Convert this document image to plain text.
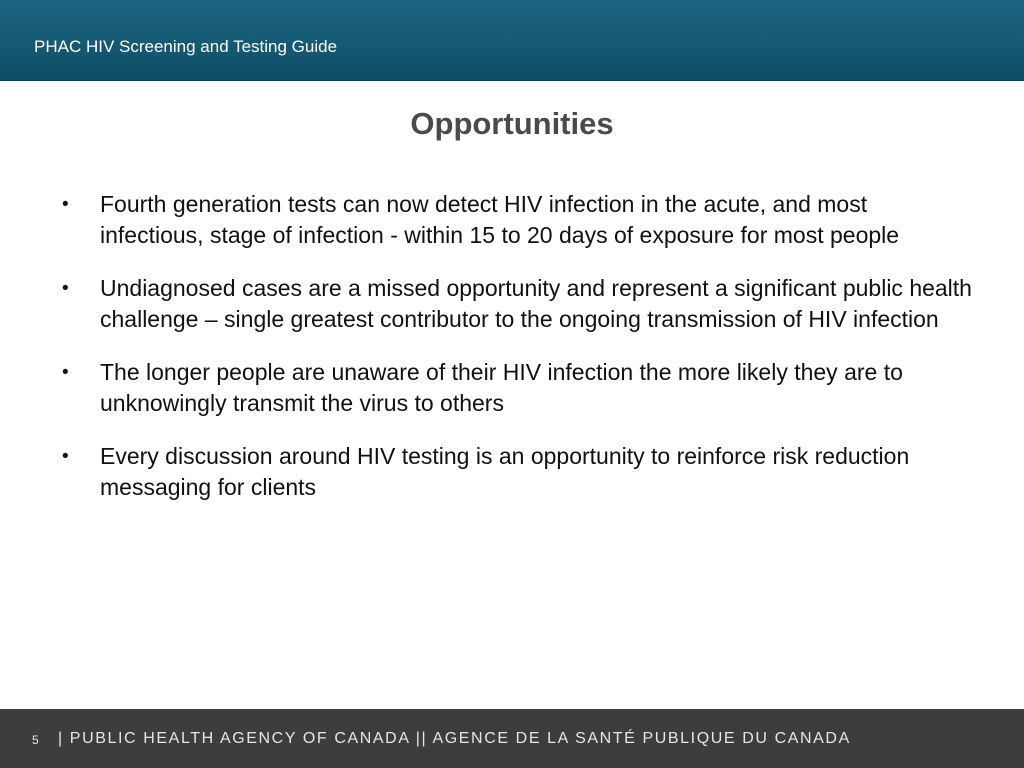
PHAC HIV Screening and Testing Guide
Opportunities
•	Fourth generation tests can now detect HIV infection in the acute, and most infectious, stage of infection - within 15 to 20 days of exposure for most people
•	Undiagnosed cases are a missed opportunity and represent a significant public health challenge – single greatest contributor to the ongoing transmission of HIV infection
•	The longer people are unaware of their HIV infection the more likely they are to unknowingly transmit the virus to others
•	Every discussion around HIV testing is an opportunity to reinforce risk reduction messaging for clients
5 | PUBLIC HEALTH AGENCY OF CANADA || AGENCE DE LA SANTÉ PUBLIQUE DU CANADA
